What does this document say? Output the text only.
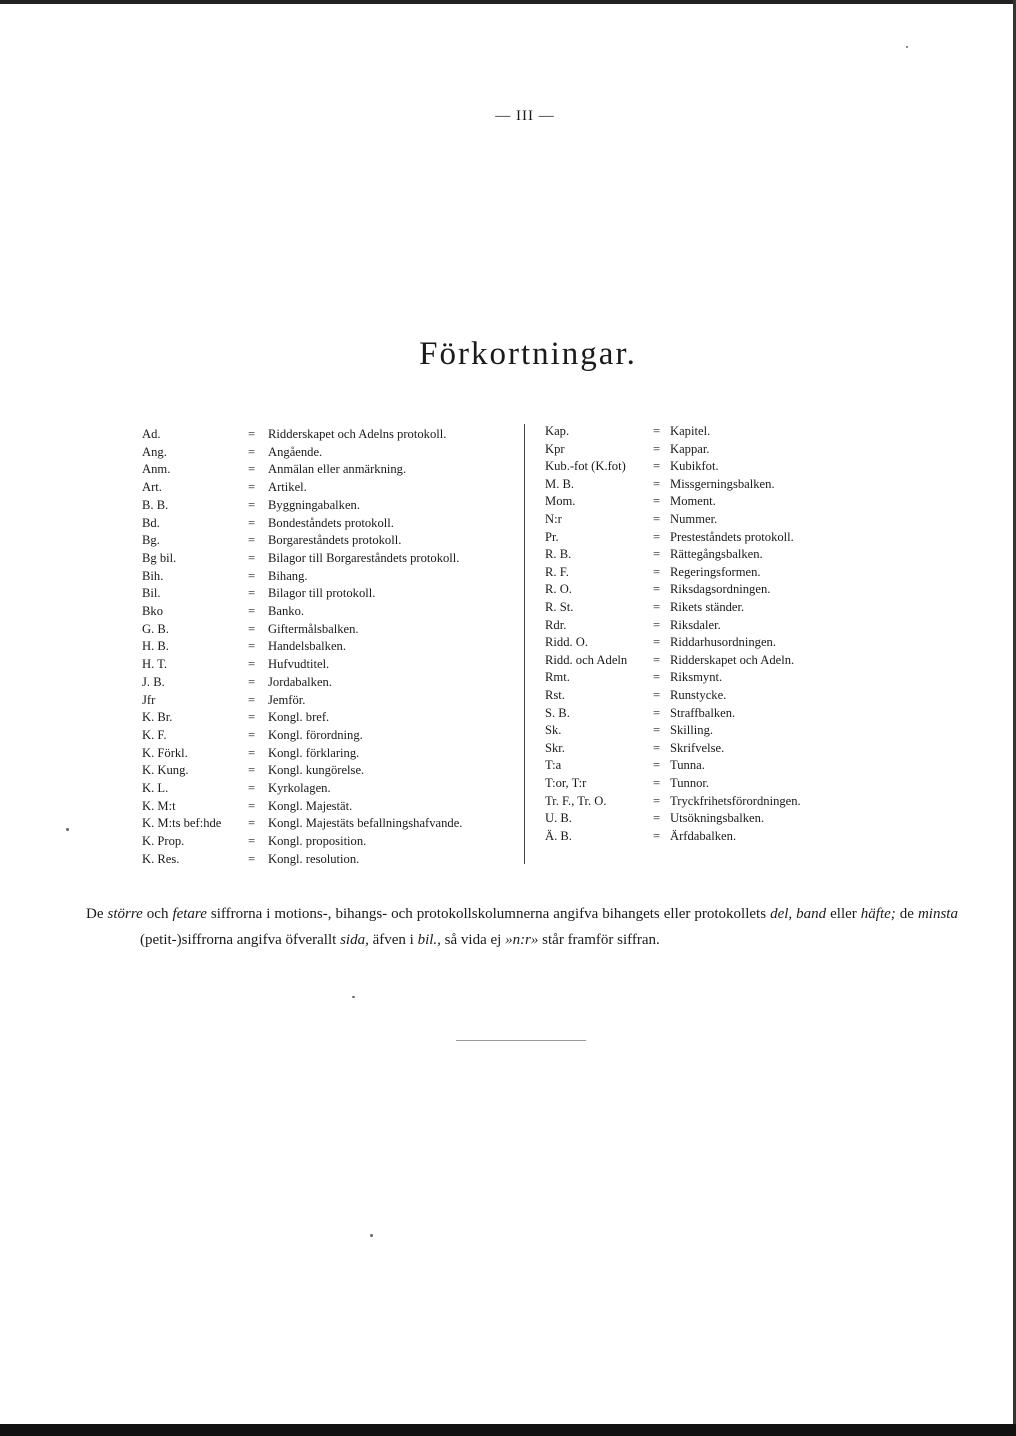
— III —
Förkortningar.
Ad.	= Ridderskapet och Adelns protokoll.
Ang.	= Angående.
Anm.	= Anmälan eller anmärkning.
Art.	= Artikel.
B. B.	= Byggningabalken.
Bd.	= Bondeståndets protokoll.
Bg.	= Borgareståndets protokoll.
Bg bil.	= Bilagor till Borgareståndets protokoll.
Bih.	= Bihang.
Bil.	= Bilagor till protokoll.
Bko	= Banko.
G. B.	= Giftermålsbalken.
H. B.	= Handelsbalken.
H. T.	= Hufvudtitel.
J. B.	= Jordabalken.
Jfr	= Jemför.
K. Br.	= Kongl. bref.
K. F.	= Kongl. förordning.
K. Förkl.	= Kongl. förklaring.
K. Kung.	= Kongl. kungörelse.
K. L.	= Kyrkolagen.
K. M:t	= Kongl. Majestät.
K. M:ts bef:hde = Kongl. Majestäts befallningshafvande.
K. Prop.	= Kongl. proposition.
K. Res.	= Kongl. resolution.
Kap.	= Kapitel.
Kpr	= Kappar.
Kub.-fot (K.fot) = Kubikfot.
M. B.	= Missgerningsbalken.
Mom.	= Moment.
N:r	= Nummer.
Pr.	= Presteståndets protokoll.
R. B.	= Rättegångsbalken.
R. F.	= Regeringsformen.
R. O.	= Riksdagsordningen.
R. St.	= Rikets ständer.
Rdr.	= Riksdaler.
Ridd. O.	= Riddarhusordningen.
Ridd. och Adeln = Ridderskapet och Adeln.
Rmt.	= Riksmynt.
Rst.	= Runstycke.
S. B.	= Straffbalken.
Sk.	= Skilling.
Skr.	= Skrifvelse.
T:a	= Tunna.
T:or, T:r	= Tunnor.
Tr. F., Tr. O.	= Tryckfrihetsförordningen.
U. B.	= Utsökningsbalken.
Ä. B.	= Ärfdabalken.

De större och fetare siffrorna i motions-, bihangs- och protokollskolumnerna angifva bihangets eller protokollets del, band eller häfte; de minsta (petit-)siffrorna angifva öfverallt sida, äfven i bil., så vida ej »n:r» står framför siffran.
